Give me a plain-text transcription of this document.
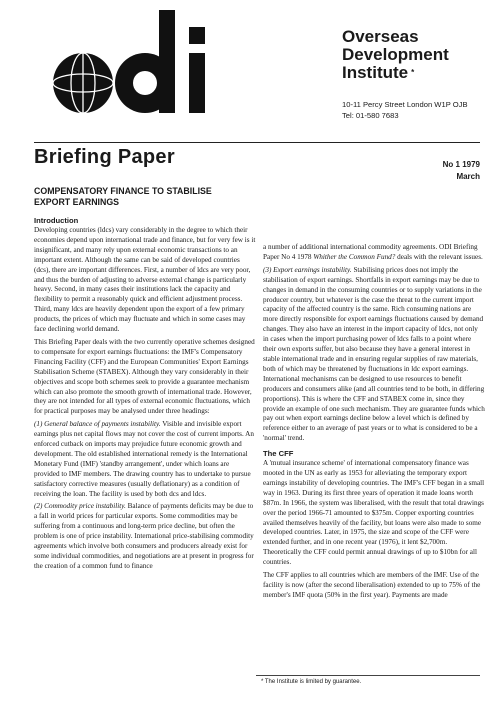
Overseas
Development
Institute *
10-11 Percy Street London W1P OJB
Tel: 01-580 7683
Briefing Paper	No 1 1979
March
COMPENSATORY FINANCE TO STABILISE
EXPORT EARNINGS

Introduction

Developing countries (ldcs) vary considerably in the degree to which their economies depend upon international trade and finance, but for very few is it insignificant, and many rely upon external economic transactions to an important extent. Although the same can be said of developed countries (dcs), there are important differences. First, a number of ldcs are very poor, and thus the burden of adjusting to adverse external change is particularly heavy. Second, in many cases their institutions lack the capacity and flexibility to permit a reasonably quick and efficient adjustment process. Third, many ldcs are heavily dependent upon the export of a few primary products, the prices of which may fluctuate and which in some cases may face declining world demand.

This Briefing Paper deals with the two currently operative schemes designed to compensate for export earnings fluctuations: the IMF's Compensatory Financing Facility (CFF) and the European Communities' Export Earnings Stabilisation Scheme (STABEX). Although they vary considerably in their objectives and scope both schemes seek to provide a guarantee mechanism which can also promote the smooth growth of international trade. However, they are not intended for all types of external economic fluctuations, which for practical purposes may be analysed under three headings:

(1) General balance of payments instability. Visible and invisible export earnings plus net capital flows may not cover the cost of current imports. An enforced cutback on imports may prejudice future economic growth and development. The old established international remedy is the International Monetary Fund (IMF) 'standby arrangement', under which loans are provided to IMF members. The drawing country has to undertake to pursue satisfactory corrective measures (usually deflationary) as a condition of receiving the loan. The facility is used by both dcs and ldcs.

(2) Commodity price instability. Balance of payments deficits may be due to a fall in world prices for particular exports. Some commodities may be suffering from a continuous and long-term price decline, but often the problem is one of price instability. International price-stabilising commodity agreements which involve both consumers and producers already exist for some individual commodities, and negotiations are at present in progress for the creation of a common fund to finance

a number of additional international commodity agreements. ODI Briefing Paper No 4 1978 Whither the Common Fund? deals with the relevant issues.

(3) Export earnings instability. Stabilising prices does not imply the stabilisation of export earnings. Shortfalls in export earnings may be due to changes in demand in the consuming countries or to supply variations in the producer country, but whatever is the case the threat to the current import capacity of the affected country is the same. Rich consuming nations are more directly responsible for export earnings fluctuations caused by demand changes. They also have an interest in the import capacity of ldcs, not only in cases when the import purchasing power of ldcs falls to a point where their own exports suffer, but also because they have a general interest in stable international trade and in ensuring regular supplies of raw materials, both of which may be threatened by fluctuations in ldc export earnings. International mechanisms can be designed to use resources to benefit producers and consumers alike (and all countries tend to be both, in differing proportions). This is where the CFF and STABEX come in, since they provide an example of one such mechanism. They are guarantee funds which pay out when export earnings decline below a level which is defined by reference either to an average of past years or to what is considered to be a 'normal' trend.

The CFF

A 'mutual insurance scheme' of international compensatory finance was mooted in the UN as early as 1953 for alleviating the temporary export earnings instability of developing countries. The IMF's CFF began in a small way in 1963. During its first three years of operation it made loans worth $87m. In 1966, the system was liberalised, with the result that total drawings over the period 1966-71 amounted to $375m. Copper exporting countries availed themselves heavily of the facility, but loans were also made to some developed countries. Later, in 1975, the size and scope of the CFF were extended further, and in one recent year (1976), it lent $2,700m. Theoretically the CFF could permit annual drawings of up to $10bn for all countries.

The CFF applies to all countries which are members of the IMF. Use of the facility is now (after the second liberalisation) extended to up to 75% of the member's IMF quota (50% in the first year). Payments are made

* The Institute is limited by guarantee.
